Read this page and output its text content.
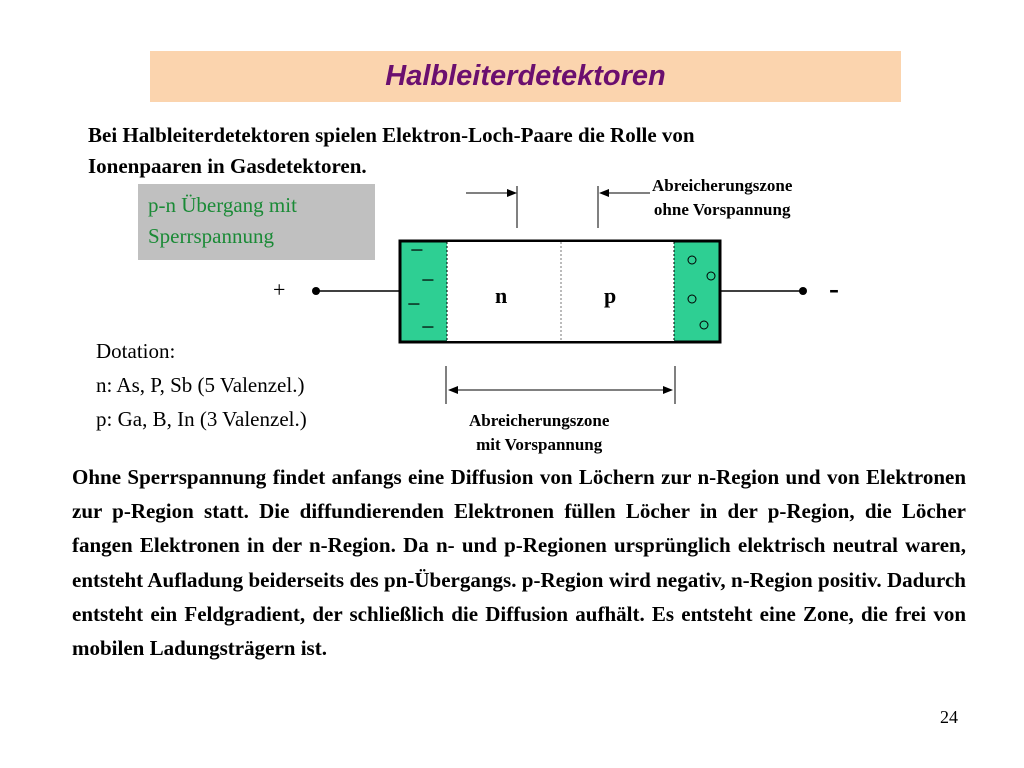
Halbleiterdetektoren
Bei Halbleiterdetektoren spielen Elektron-Loch-Paare die Rolle von
Ionenpaaren in Gasdetektoren.
p-n Übergang mit
Sperrspannung
−
−
−
−
n	p
+	-
Abreicherungszone
ohne Vorspannung
Abreicherungszone
mit Vorspannung
Dotation:
n: As, P, Sb (5 Valenzel.)
p: Ga, B, In (3 Valenzel.)
Ohne Sperrspannung findet anfangs eine Diffusion von Löchern zur n-Region und von Elektronen zur p-Region statt. Die diffundierenden Elektronen füllen Löcher in der p-Region, die Löcher fangen Elektronen in der n-Region. Da n- und p-Regionen ursprünglich elektrisch neutral waren, entsteht Aufladung beiderseits des pn-Übergangs. p-Region wird negativ, n-Region positiv. Dadurch entsteht ein Feldgradient, der schließlich die Diffusion aufhält. Es entsteht eine Zone, die frei von mobilen Ladungsträgern ist.
24
